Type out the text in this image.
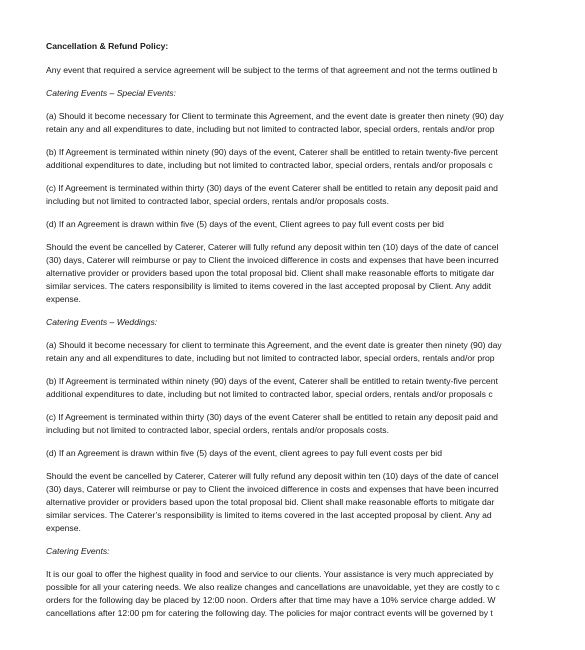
Cancellation & Refund Policy:

Any event that required a service agreement will be subject to the terms of that agreement and not the terms outlined b

Catering Events – Special Events:

(a) Should it become necessary for Client to terminate this Agreement, and the event date is greater then ninety (90) day

retain any and all expenditures to date, including but not limited to contracted labor, special orders, rentals and/or prop

(b) If Agreement is terminated within ninety (90) days of the event, Caterer shall be entitled to retain twenty-five percent

additional expenditures to date, including but not limited to contracted labor, special orders, rentals and/or proposals c

(c) If Agreement is terminated within thirty (30) days of the event Caterer shall be entitled to retain any deposit paid and

including but not limited to contracted labor, special orders, rentals and/or proposals costs.

(d) If an Agreement is drawn within five (5) days of the event, Client agrees to pay full event costs per bid

Should the event be cancelled by Caterer, Caterer will fully refund any deposit within ten (10) days of the date of cancel

(30) days, Caterer will reimburse or pay to Client the invoiced difference in costs and expenses that have been incurred

alternative provider or providers based upon the total proposal bid. Client shall make reasonable efforts to mitigate dar

similar services. The caters responsibility is limited to items covered in the last accepted proposal by Client. Any addit

expense.

Catering Events – Weddings:

(a) Should it become necessary for client to terminate this Agreement, and the event date is greater then ninety (90) day

retain any and all expenditures to date, including but not limited to contracted labor, special orders, rentals and/or prop

(b) If Agreement is terminated within ninety (90) days of the event, Caterer shall be entitled to retain twenty-five percent

additional expenditures to date, including but not limited to contracted labor, special orders, rentals and/or proposals c

(c) If Agreement is terminated within thirty (30) days of the event Caterer shall be entitled to retain any deposit paid and

including but not limited to contracted labor, special orders, rentals and/or proposals costs.

(d) If an Agreement is drawn within five (5) days of the event, client agrees to pay full event costs per bid

Should the event be cancelled by Caterer, Caterer will fully refund any deposit within ten (10) days of the date of cancel

(30) days, Caterer will reimburse or pay to Client the invoiced difference in costs and expenses that have been incurred

alternative provider or providers based upon the total proposal bid. Client shall make reasonable efforts to mitigate dar

similar services. The Caterer’s responsibility is limited to items covered in the last accepted proposal by client. Any ad

expense.

Catering Events:

It is our goal to offer the highest quality in food and service to our clients. Your assistance is very much appreciated by

possible for all your catering needs. We also realize changes and cancellations are unavoidable, yet they are costly to c

orders for the following day be placed by 12:00 noon. Orders after that time may have a 10% service charge added. W

cancellations after 12:00 pm for catering the following day. The policies for major contract events will be governed by t
